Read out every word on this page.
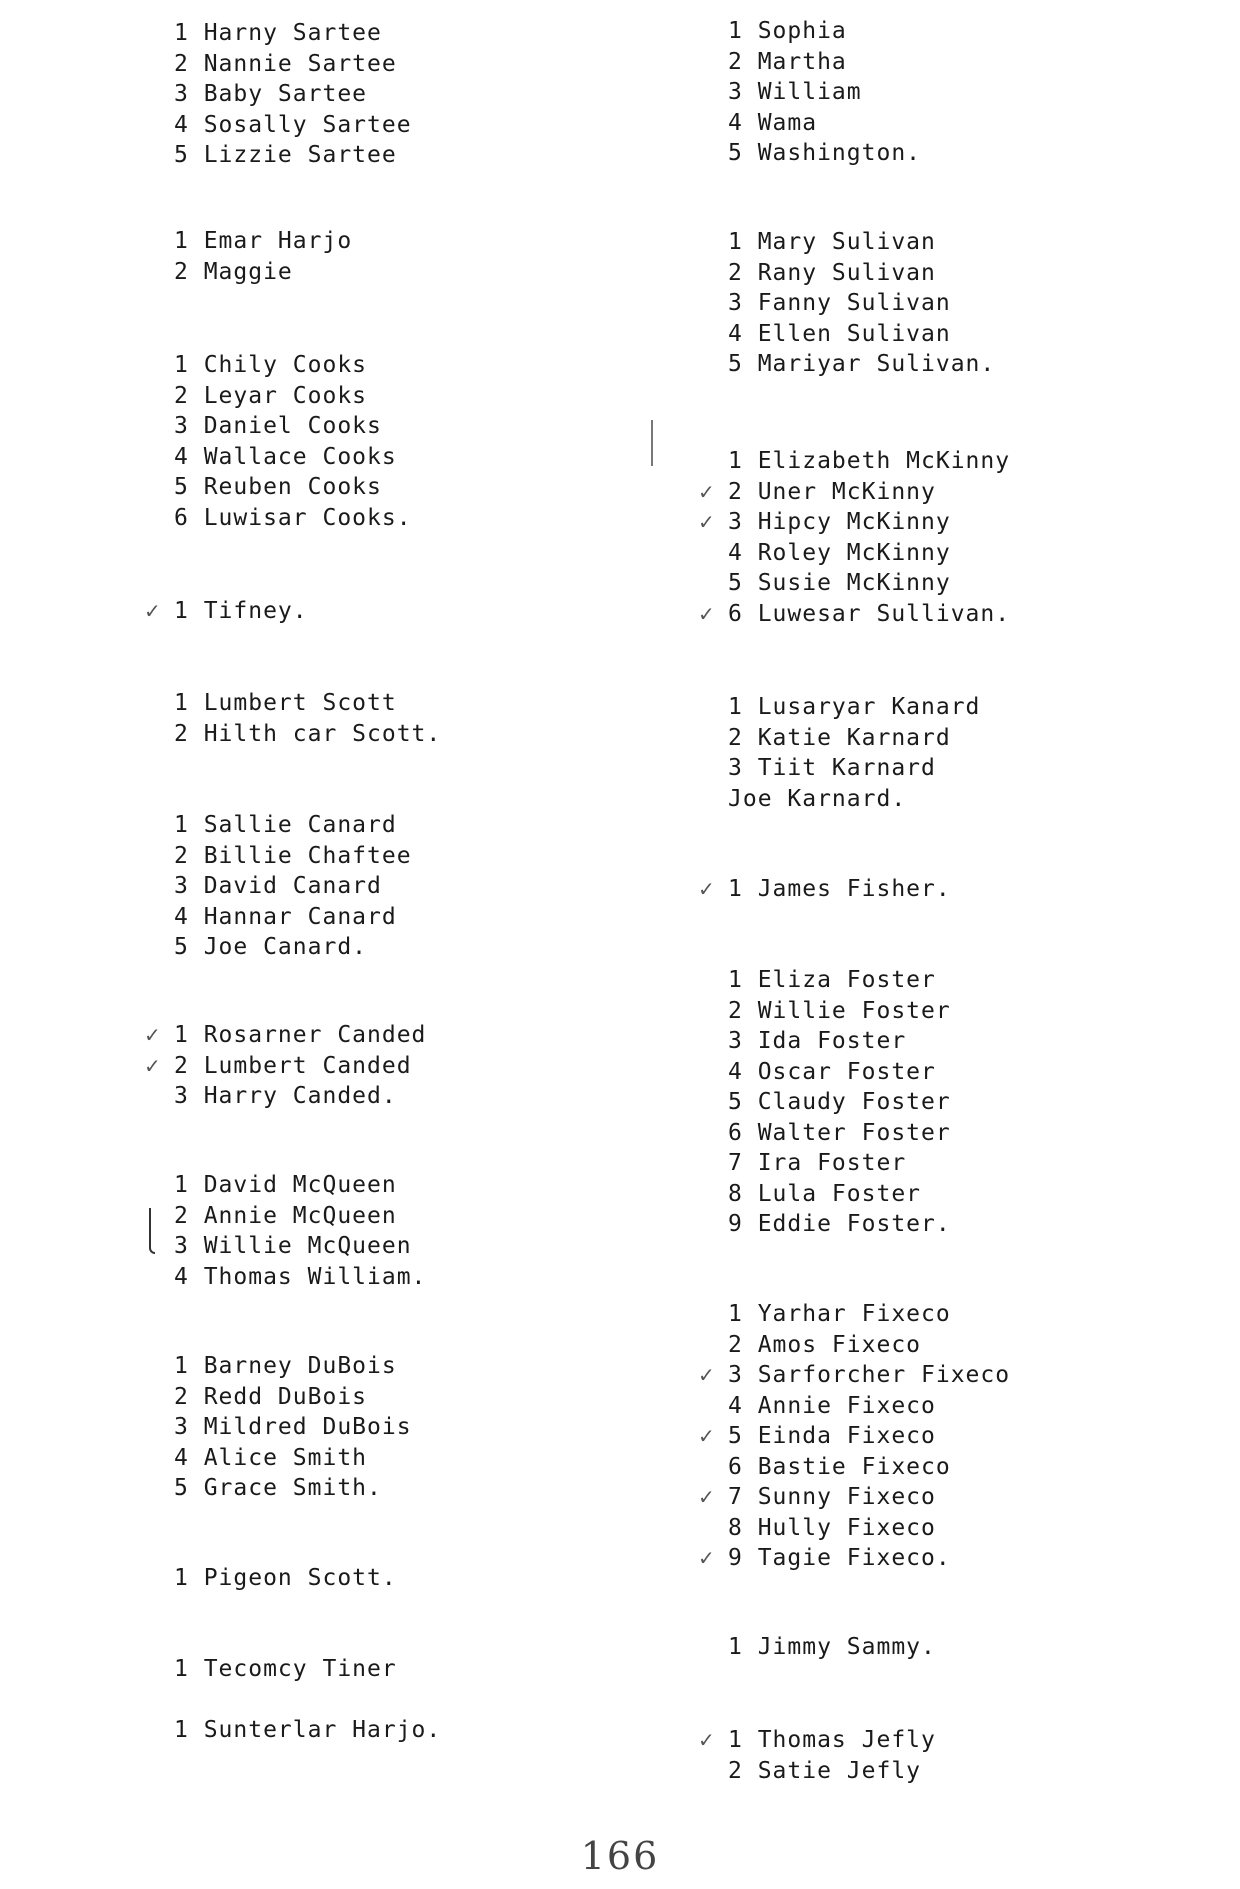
1 Harny Sartee
2 Nannie Sartee
3 Baby Sartee
4 Sosally Sartee
5 Lizzie Sartee
1 Emar Harjo
2 Maggie
1 Chily Cooks
2 Leyar Cooks
3 Daniel Cooks
4 Wallace Cooks
5 Reuben Cooks
6 Luwisar Cooks.
1 Tifney.
✓
1 Lumbert Scott
2 Hilth car Scott.
1 Sallie Canard
2 Billie Chaftee
3 David Canard
4 Hannar Canard
5 Joe Canard.
1 Rosarner Canded
✓
2 Lumbert Canded
✓
3 Harry Canded.
1 David McQueen
2 Annie McQueen
3 Willie McQueen
4 Thomas William.
1 Barney DuBois
2 Redd DuBois
3 Mildred DuBois
4 Alice Smith
5 Grace Smith.
1 Pigeon Scott.
1 Tecomcy Tiner
1 Sunterlar Harjo.
1 Sophia
2 Martha
3 William
4 Wama
5 Washington.
1 Mary Sulivan
2 Rany Sulivan
3 Fanny Sulivan
4 Ellen Sulivan
5 Mariyar Sulivan.
1 Elizabeth McKinny
2 Uner McKinny
✓
3 Hipcy McKinny
✓
4 Roley McKinny
5 Susie McKinny
6 Luwesar Sullivan.
✓
1 Lusaryar Kanard
2 Katie Karnard
3 Tiit Karnard
Joe Karnard.
1 James Fisher.
✓
1 Eliza Foster
2 Willie Foster
3 Ida Foster
4 Oscar Foster
5 Claudy Foster
6 Walter Foster
7 Ira Foster
8 Lula Foster
9 Eddie Foster.
1 Yarhar Fixeco
2 Amos Fixeco
3 Sarforcher Fixeco
✓
4 Annie Fixeco
5 Einda Fixeco
✓
6 Bastie Fixeco
7 Sunny Fixeco
✓
8 Hully Fixeco
9 Tagie Fixeco.
✓
1 Jimmy Sammy.
1 Thomas Jefly
✓
2 Satie Jefly
166
